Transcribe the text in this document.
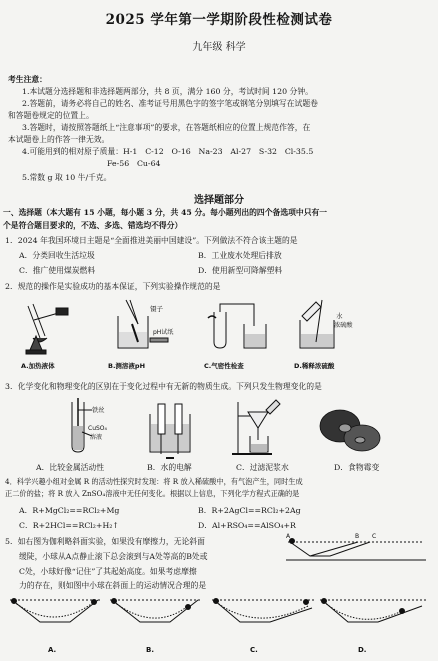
2025 学年第一学期阶段性检测试卷
九年级 科学
考生注意：
1.本试题分选择题和非选择题两部分，共 8 页，满分 160 分，考试时间 120 分钟。
2.答题前，请务必将自己的姓名、准考证号用黑色字的签字笔或钢笔分别填写在试题卷
和答题卷规定的位置上。
3.答题时，请按照答题纸上“注意事项”的要求，在答题纸相应的位置上规范作答，在
本试题卷上的作答一律无效。
4.可能用到的相对原子质量：H-1　C-12　O-16　Na-23　Al-27　S-32　Cl-35.5
Fe-56　Cu-64
5.常数 g 取 10 牛/千克。
选择题部分
一、选择题（本大题有 15 小题，每小题 3 分，共 45 分。每小题列出的四个备选项中只有一
个是符合题目要求的，不选、多选、错选均不得分）
1．2024 年我国环境日主题是“全面推进美丽中国建设”。下列做法不符合该主题的是
A．分类回收生活垃圾	B．工业废水处理后排放
C．推广使用煤炭燃料	D．使用新型可降解塑料
2．规范的操作是实验成功的基本保证，下列实验操作规范的是
A.加热液体
镊子
pH试纸
B.测溶液pH	C.气密性检查
水
浓硫酸
D.稀释浓硫酸
3．化学变化和物理变化的区别在于变化过程中有无新的物质生成。下列只发生物理变化的是
铁丝
CuSO₄
溶液
A．比较金属活动性	B．水的电解	C．过滤泥浆水	D．食物霉变
4．科学兴趣小组对金属 R 的活动性探究时发现：将 R 放入稀硫酸中，有气泡产生，同时生成
正二价的盐；将 R 放入 ZnSO₄溶液中无任何变化。根据以上信息，下列化学方程式正确的是
A．R+MgCl₂==RCl₂+Mg	B．R+2AgCl==RCl₂+2Ag
C．R+2HCl==RCl₂+H₂↑	D．Al+RSO₄==AlSO₄+R
5．如右图为伽利略斜面实验，如果没有摩擦力，无论斜面
缓陡，小球从A点静止滚下总会滚到与A处等高的B处或
C处，小球好像“记住”了其起始高度。如果考虑摩擦
力的存在，则如图中小球在斜面上的运动情况合理的是
A	B C
A.	B.	C.	D.
